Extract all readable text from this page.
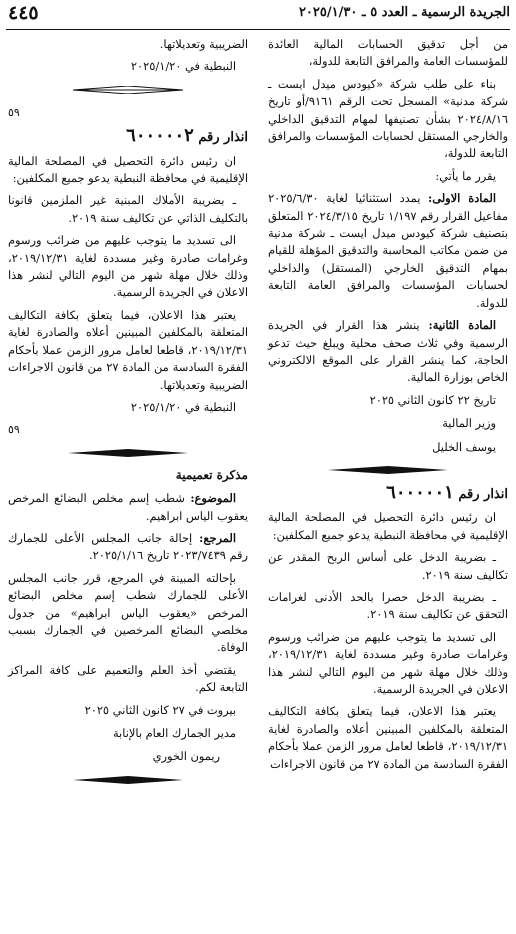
الجريدة الرسمية ـ العدد ٥ ـ ٢٠٢٥/١/٣٠
٤٤٥

من أجل تدقيق الحسابات المالية العائدة للمؤسسات العامة والمرافق التابعة للدولة،

بناء على طلب شركة «كيودس ميدل ايست ـ شركة مدنية» المسجل تحت الرقم ٩١٦١/أو تاريخ ٢٠٢٤/٨/١٦ بشأن تصنيفها لمهام التدقيق الداخلي والخارجي المستقل لحسابات المؤسسات والمرافق التابعة للدولة،

يقرر ما يأتي:

المادة الاولى: يمدد استثنائيا لغاية ٢٠٢٥/٦/٣٠ مفاعيل القرار رقم ١/١٩٧ تاريخ ٢٠٢٤/٣/١٥ المتعلق بتصنيف شركة كيودس ميدل ايست ـ شركة مدنية من ضمن مكاتب المحاسبة والتدقيق المؤهلة للقيام بمهام التدقيق الخارجي (المستقل) والداخلي لحسابات المؤسسات والمرافق العامة التابعة للدولة.

المادة الثانية: ينشر هذا القرار في الجريدة الرسمية وفي ثلاث صحف محلية ويبلغ حيث تدعو الحاجة، كما ينشر القرار على الموقع الالكتروني الخاص بوزارة المالية.

تاريخ ٢٢ كانون الثاني ٢٠٢٥

وزير المالية

يوسف الخليل

انذار رقم ٦٠٠٠٠٠١

ان رئيس دائرة التحصيل في المصلحة المالية الإقليمية في محافظة النبطية يدعو جميع المكلفين:

ـ بضريبة الدخل على أساس الربح المقدر عن تكاليف سنة ٢٠١٩.

ـ بضريبة الدخل حصرا بالحد الأدنى لغرامات التحقق عن تكاليف سنة ٢٠١٩.

الى تسديد ما يتوجب عليهم من ضرائب ورسوم وغرامات صادرة وغير مسددة لغاية ٢٠١٩/١٢/٣١، وذلك خلال مهلة شهر من اليوم التالي لنشر هذا الاعلان في الجريدة الرسمية.

يعتبر هذا الاعلان، فيما يتعلق بكافة التكاليف المتعلقة بالمكلفين المبينين أعلاه والصادرة لغاية ٢٠١٩/١٢/٣١، قاطعا لعامل مرور الزمن عملا بأحكام الفقرة السادسة من المادة ٢٧ من قانون الاجراءات

الضريبية وتعديلاتها.

النبطية في ٢٠٢٥/١/٢٠

٥٩

انذار رقم ٦٠٠٠٠٠٢

ان رئيس دائرة التحصيل في المصلحة المالية الإقليمية في محافظة النبطية يدعو جميع المكلفين:

ـ بضريبة الأملاك المبنية غير الملزمين قانونا بالتكليف الذاتي عن تكاليف سنة ٢٠١٩.

الى تسديد ما يتوجب عليهم من ضرائب ورسوم وغرامات صادرة وغير مسددة لغاية ٢٠١٩/١٢/٣١، وذلك خلال مهلة شهر من اليوم التالي لنشر هذا الاعلان في الجريدة الرسمية.

يعتبر هذا الاعلان، فيما يتعلق بكافة التكاليف المتعلقة بالمكلفين المبينين أعلاه والصادرة لغاية ٢٠١٩/١٢/٣١، قاطعا لعامل مرور الزمن عملا بأحكام الفقرة السادسة من المادة ٢٧ من قانون الاجراءات الضريبية وتعديلاتها.

النبطية في ٢٠٢٥/١/٢٠

٥٩

مذكرة تعميمية

الموضوع: شطب إسم مخلص البضائع المرخص يعقوب الياس ابراهيم.

المرجع: إحالة جانب المجلس الأعلى للجمارك رقم ٢٠٢٣/٧٤٣٩ تاريخ ٢٠٢٥/١/١٦.

بإحالته المبينة في المرجع، قرر جانب المجلس الأعلى للجمارك شطب إسم مخلص البضائع المرخص «يعقوب الياس ابراهيم» من جدول مخلصي البضائع المرخصين في الجمارك بسبب الوفاة.

يقتضي أخذ العلم والتعميم على كافة المراكز التابعة لكم.

بيروت في ٢٧ كانون الثاني ٢٠٢٥

مدير الجمارك العام بالإنابة

ريمون الخوري
